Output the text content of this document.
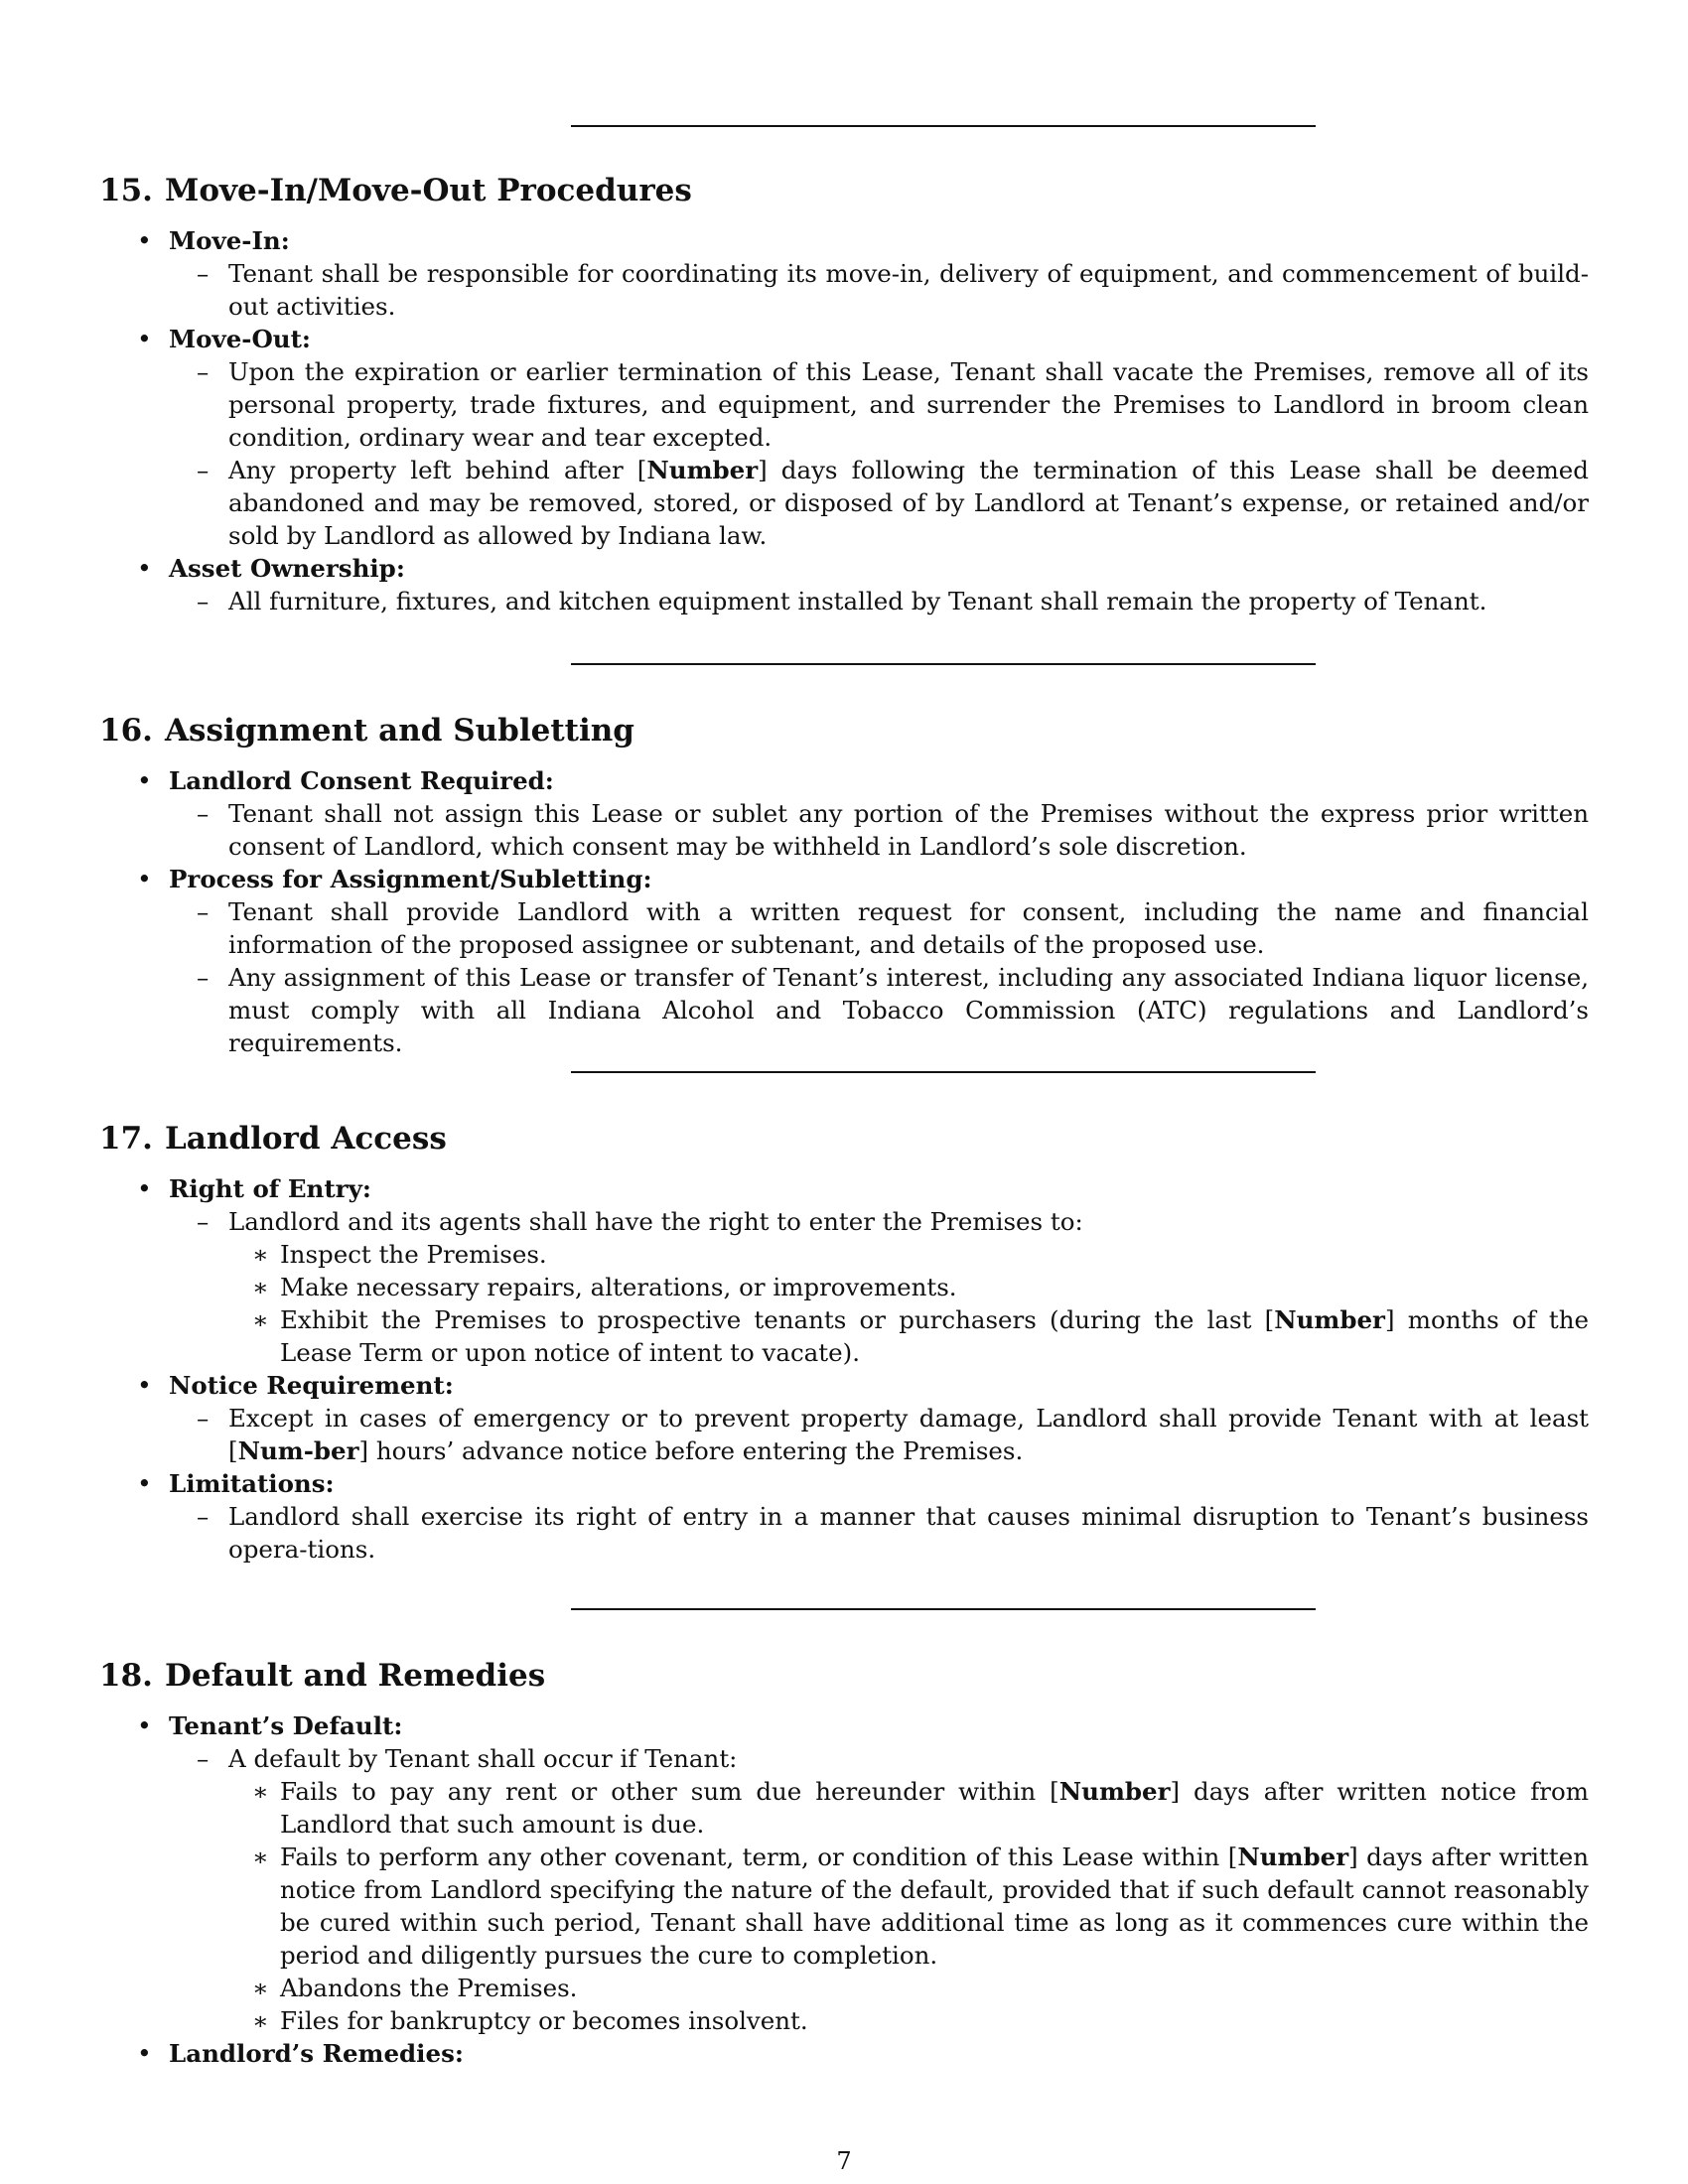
15. Move-In/Move-Out Procedures
• Move-In:
– Tenant shall be responsible for coordinating its move-in, delivery of equipment, and commencement of build-out activities.
• Move-Out:
– Upon the expiration or earlier termination of this Lease, Tenant shall vacate the Premises, remove all of its personal property, trade fixtures, and equipment, and surrender the Premises to Landlord in broom clean condition, ordinary wear and tear excepted.
– Any property left behind after [Number] days following the termination of this Lease shall be deemed abandoned and may be removed, stored, or disposed of by Landlord at Tenant’s expense, or retained and/or sold by Landlord as allowed by Indiana law.
• Asset Ownership:
– All furniture, fixtures, and kitchen equipment installed by Tenant shall remain the property of Tenant.
16. Assignment and Subletting
• Landlord Consent Required:
– Tenant shall not assign this Lease or sublet any portion of the Premises without the express prior written consent of Landlord, which consent may be withheld in Landlord’s sole discretion.
• Process for Assignment/Subletting:
– Tenant shall provide Landlord with a written request for consent, including the name and financial information of the proposed assignee or subtenant, and details of the proposed use.
– Any assignment of this Lease or transfer of Tenant’s interest, including any associated Indiana liquor license, must comply with all Indiana Alcohol and Tobacco Commission (ATC) regulations and Landlord’s requirements.
17. Landlord Access
• Right of Entry:
– Landlord and its agents shall have the right to enter the Premises to:
∗ Inspect the Premises.
∗ Make necessary repairs, alterations, or improvements.
∗ Exhibit the Premises to prospective tenants or purchasers (during the last [Number] months of the Lease Term or upon notice of intent to vacate).
• Notice Requirement:
– Except in cases of emergency or to prevent property damage, Landlord shall provide Tenant with at least [Num-ber] hours’ advance notice before entering the Premises.
• Limitations:
– Landlord shall exercise its right of entry in a manner that causes minimal disruption to Tenant’s business opera-tions.
18. Default and Remedies
• Tenant’s Default:
– A default by Tenant shall occur if Tenant:
∗ Fails to pay any rent or other sum due hereunder within [Number] days after written notice from Landlord that such amount is due.
∗ Fails to perform any other covenant, term, or condition of this Lease within [Number] days after written notice from Landlord specifying the nature of the default, provided that if such default cannot reasonably be cured within such period, Tenant shall have additional time as long as it commences cure within the period and diligently pursues the cure to completion.
∗ Abandons the Premises.
∗ Files for bankruptcy or becomes insolvent.
• Landlord’s Remedies:
7
